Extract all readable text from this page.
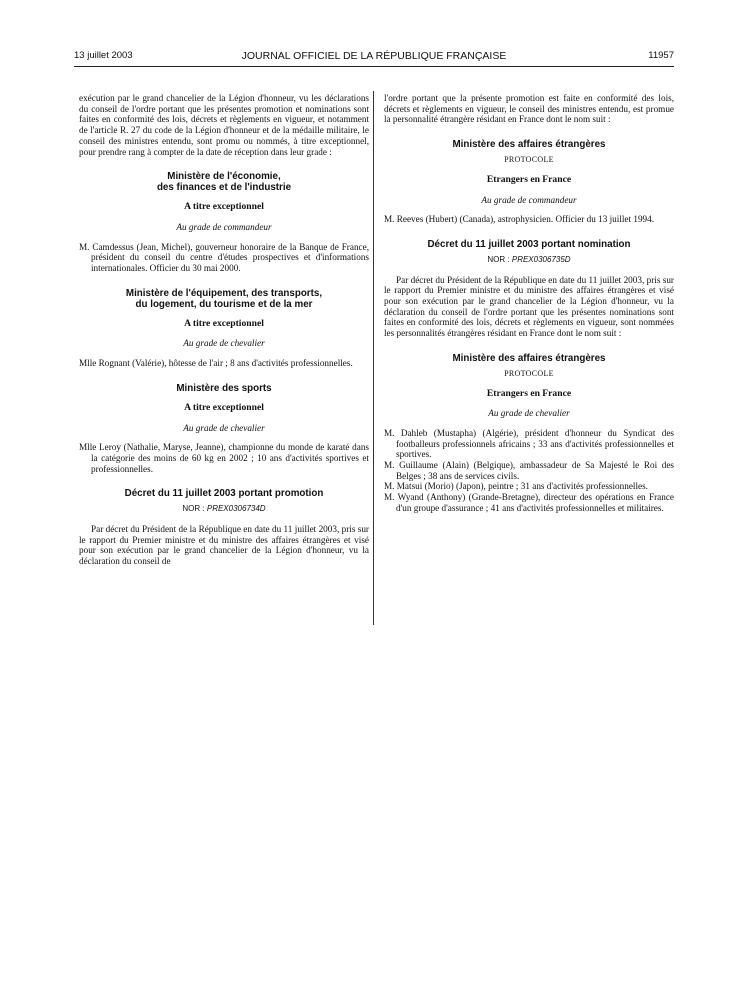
13 juillet 2003	JOURNAL OFFICIEL DE LA RÉPUBLIQUE FRANÇAISE	11957

exécution par le grand chancelier de la Légion d'honneur, vu les déclarations du conseil de l'ordre portant que les présentes promotion et nominations sont faites en conformité des lois, décrets et règlements en vigueur, et notamment de l'article R. 27 du code de la Légion d'honneur et de la médaille militaire, le conseil des ministres entendu, sont promu ou nommés, à titre exceptionnel, pour prendre rang à compter de la date de réception dans leur grade :

Ministère de l'économie,
des finances et de l'industrie
A titre exceptionnel
Au grade de commandeur

M. Camdessus (Jean, Michel), gouverneur honoraire de la Banque de France, président du conseil du centre d'études prospectives et d'informations internationales. Officier du 30 mai 2000.

Ministère de l'équipement, des transports,
du logement, du tourisme et de la mer
A titre exceptionnel
Au grade de chevalier

Mlle Rognant (Valérie), hôtesse de l'air ; 8 ans d'activités professionnelles.

Ministère des sports
A titre exceptionnel
Au grade de chevalier

Mlle Leroy (Nathalie, Maryse, Jeanne), championne du monde de karaté dans la catégorie des moins de 60 kg en 2002 ; 10 ans d'activités sportives et professionnelles.

Décret du 11 juillet 2003 portant promotion
NOR : PREX0306734D

Par décret du Président de la République en date du 11 juillet 2003, pris sur le rapport du Premier ministre et du ministre des affaires étrangères et visé pour son exécution par le grand chancelier de la Légion d'honneur, vu la déclaration du conseil de

l'ordre portant que la présente promotion est faite en conformité des lois, décrets et règlements en vigueur, le conseil des ministres entendu, est promue la personnalité étrangère résidant en France dont le nom suit :

Ministère des affaires étrangères
PROTOCOLE
Etrangers en France
Au grade de commandeur

M. Reeves (Hubert) (Canada), astrophysicien. Officier du 13 juillet 1994.

Décret du 11 juillet 2003 portant nomination
NOR : PREX0306735D

Par décret du Président de la République en date du 11 juillet 2003, pris sur le rapport du Premier ministre et du ministre des affaires étrangères et visé pour son exécution par le grand chancelier de la Légion d'honneur, vu la déclaration du conseil de l'ordre portant que les présentes nominations sont faites en conformité des lois, décrets et règlements en vigueur, sont nommées les personnalités étrangères résidant en France dont le nom suit :

Ministère des affaires étrangères
PROTOCOLE
Etrangers en France
Au grade de chevalier

M. Dahleb (Mustapha) (Algérie), président d'honneur du Syndicat des footballeurs professionnels africains ; 33 ans d'activités professionnelles et sportives.

M. Guillaume (Alain) (Belgique), ambassadeur de Sa Majesté le Roi des Belges ; 38 ans de services civils.

M. Matsui (Morio) (Japon), peintre ; 31 ans d'activités professionnelles.

M. Wyand (Anthony) (Grande-Bretagne), directeur des opérations en France d'un groupe d'assurance ; 41 ans d'activités professionnelles et militaires.
